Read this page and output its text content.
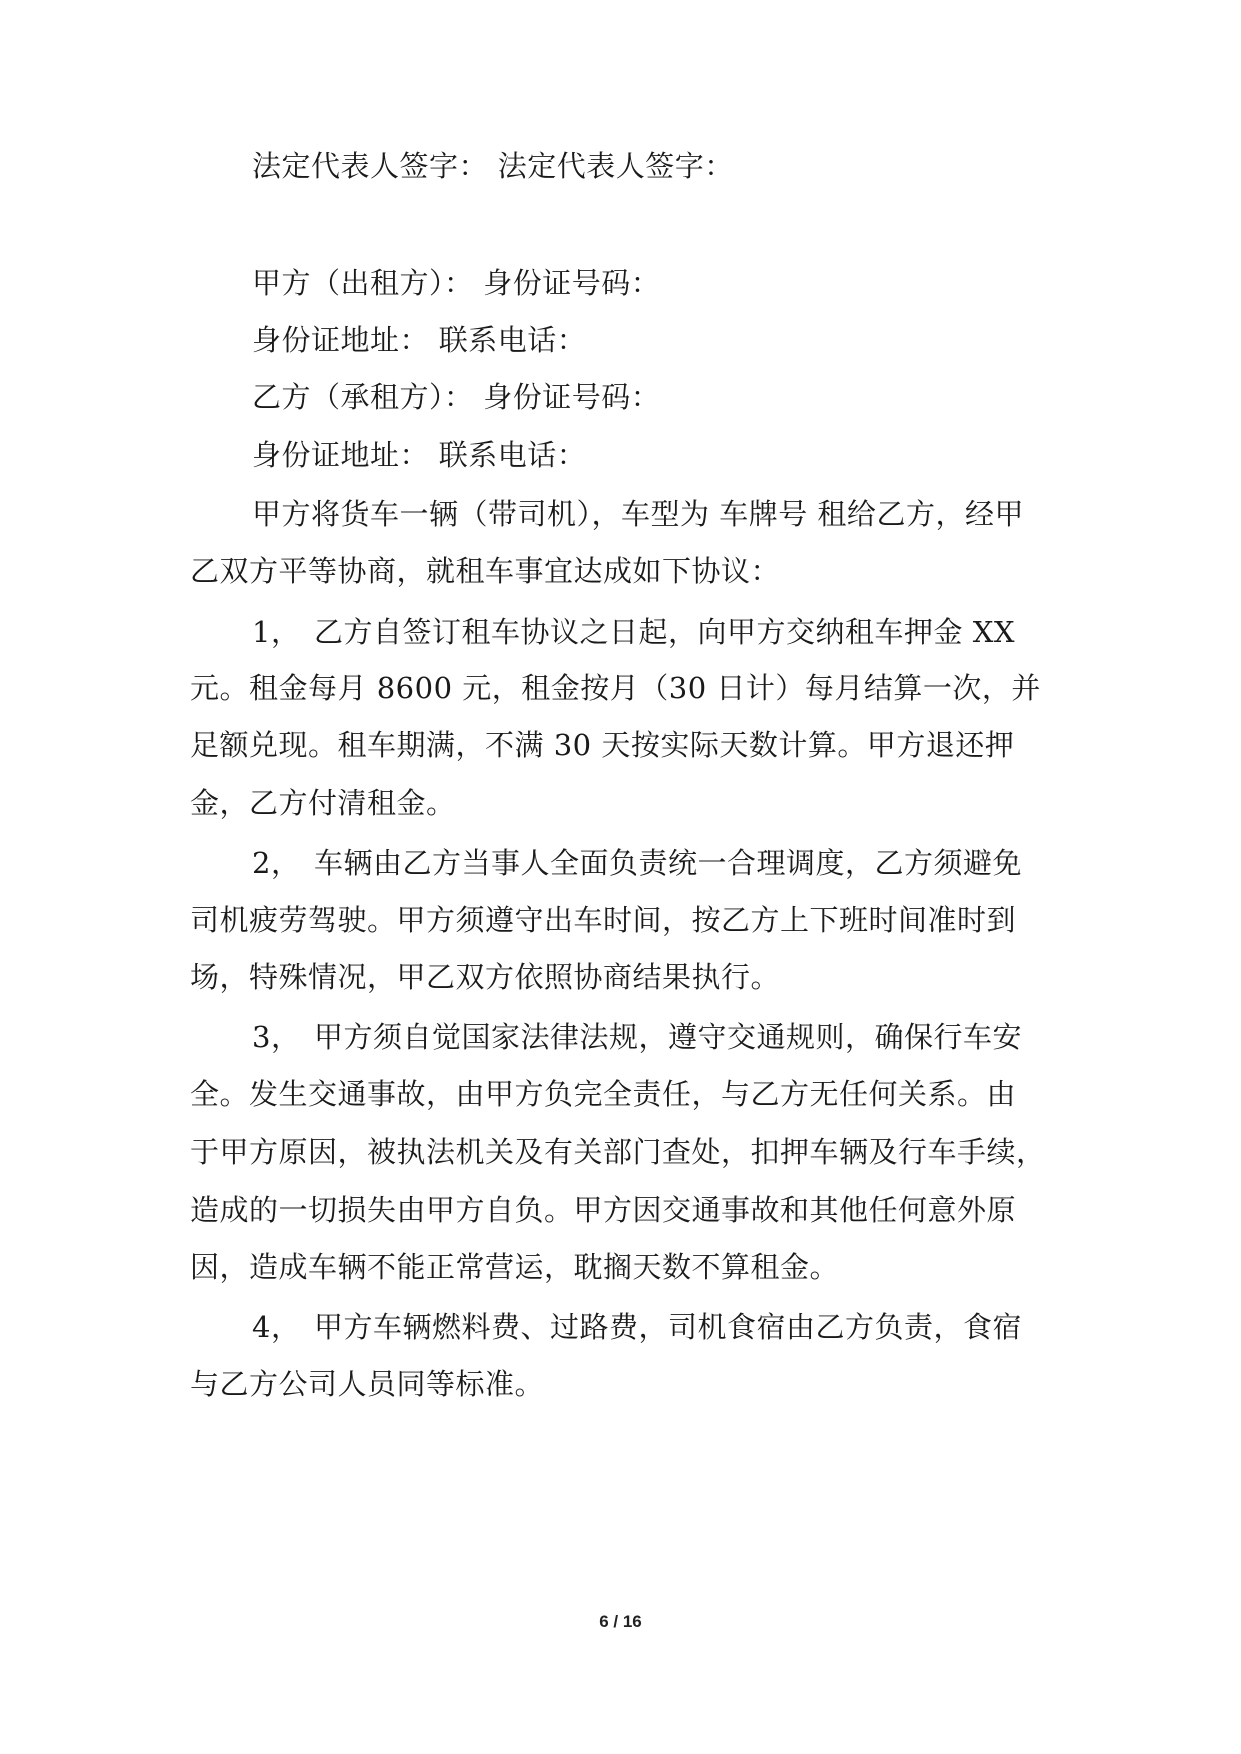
法定代表人签字： 法定代表人签字：
甲方（出租方）： 身份证号码：
身份证地址： 联系电话：
乙方（承租方）： 身份证号码：
身份证地址： 联系电话：
甲方将货车一辆（带司机），车型为 车牌号 租给乙方，经甲
乙双方平等协商，就租车事宜达成如下协议：
1， 乙方自签订租车协议之日起，向甲方交纳租车押金 XX
元。租金每月 8600 元，租金按月（30 日计）每月结算一次，并
足额兑现。租车期满，不满 30 天按实际天数计算。甲方退还押
金，乙方付清租金。
2， 车辆由乙方当事人全面负责统一合理调度，乙方须避免
司机疲劳驾驶。甲方须遵守出车时间，按乙方上下班时间准时到
场，特殊情况，甲乙双方依照协商结果执行。
3， 甲方须自觉国家法律法规，遵守交通规则，确保行车安
全。发生交通事故，由甲方负完全责任，与乙方无任何关系。由
于甲方原因，被执法机关及有关部门查处，扣押车辆及行车手续，
造成的一切损失由甲方自负。甲方因交通事故和其他任何意外原
因，造成车辆不能正常营运，耽搁天数不算租金。
4， 甲方车辆燃料费、过路费，司机食宿由乙方负责，食宿
与乙方公司人员同等标准。
6 / 16
